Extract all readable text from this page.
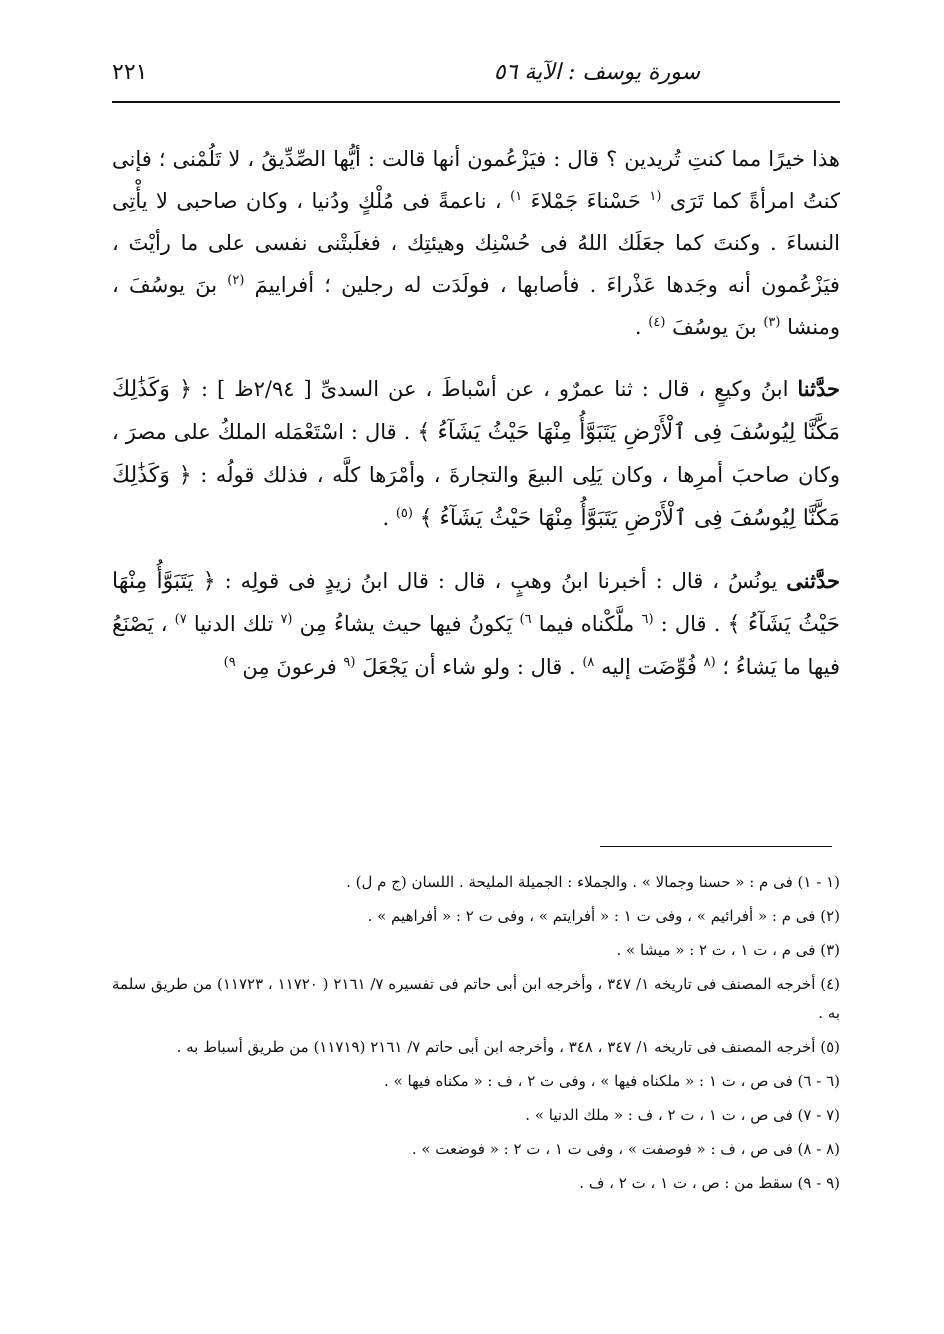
سورة يوسف : الآية ٥٦
٢٢١

هذا خيرًا مما كنتِ تُريدين ؟ قال : فيَزْعُمون أنها قالت : أيُّها الصِّدِّيقُ ، لا تَلُمْنى ؛ فإنى كنتُ امرأةً كما تَرَى $^{(١}$ حَسْناءَ جَمْلاءَ $^{١)}$ ، ناعمةً فى مُلْكٍ ودُنيا ، وكان صاحبى لا يأْتِى النساءَ . وكنتَ كما جعَلَك اللهُ فى حُسْنِك وهيئتِك ، فغلَبتْنى نفسى على ما رأيْتَ ، فيَزْعُمون أنه وجَدها عَذْراءَ . فأصابها ، فولَدَت له رجلين ؛ أفراييمَ $^{(٢)}$ بنَ يوسُفَ ، ومنشا $^{(٣)}$ بنَ يوسُفَ $^{(٤)}$ .

حدَّثنا ابنُ وكيعٍ ، قال : ثنا عمرٌو ، عن أسْباطَ ، عن السدىِّ [ ٢/٩٤ظ ] : ﴿ وَكَذَٰلِكَ مَكَّنَّا لِيُوسُفَ فِى ٱلْأَرْضِ يَتَبَوَّأُ مِنْهَا حَيْثُ يَشَآءُ ﴾ . قال : اسْتَعْمَله الملكُ على مصرَ ، وكان صاحبَ أمرِها ، وكان يَلِى البيعَ والتجارةَ ، وأمْرَها كلَّه ، فذلك قولُه : ﴿ وَكَذَٰلِكَ مَكَّنَّا لِيُوسُفَ فِى ٱلْأَرْضِ يَتَبَوَّأُ مِنْهَا حَيْثُ يَشَآءُ ﴾ $^{(٥)}$ .

حدَّثنى يونُسُ ، قال : أخبرنا ابنُ وهبٍ ، قال : قال ابنُ زيدٍ فى قولِه : ﴿ يَتَبَوَّأُ مِنْهَا حَيْثُ يَشَآءُ ﴾ . قال : $^{(٦}$ ملَّكْناه فيما $^{٦)}$ يَكونُ فيها حيث يشاءُ مِن $^{(٧}$ تلك الدنيا $^{٧)}$ ، يَصْنَعُ فيها ما يَشاءُ ؛ $^{(٨}$ فُوِّضَت إليه $^{٨)}$ . قال : ولو شاء أن يَجْعَلَ $^{(٩}$ فرعونَ مِن $^{٩)}$

(١ - ١) فى م : « حسنا وجمالا » . والجملاء : الجميلة المليحة . اللسان (ج م ل) .

(٢) فى م : « أفرائيم » ، وفى ت ١ : « أفرايتم » ، وفى ت ٢ : « أفراهيم » .

(٣) فى م ، ت ١ ، ت ٢ : « ميشا » .

(٤) أخرجه المصنف فى تاريخه ١/ ٣٤٧ ، وأخرجه ابن أبى حاتم فى تفسيره ٧/ ٢١٦١ ( ١١٧٢٠ ، ١١٧٢٣) من طريق سلمة به .

(٥) أخرجه المصنف فى تاريخه ١/ ٣٤٧ ، ٣٤٨ ، وأخرجه ابن أبى حاتم ٧/ ٢١٦١ (١١٧١٩) من طريق أسباط به .

(٦ - ٦) فى ص ، ت ١ : « ملكناه فيها » ، وفى ت ٢ ، ف : « مكناه فيها » .

(٧ - ٧) فى ص ، ت ١ ، ت ٢ ، ف : « ملك الدنيا » .

(٨ - ٨) فى ص ، ف : « فوصفت » ، وفى ت ١ ، ت ٢ : « فوضعت » .

(٩ - ٩) سقط من : ص ، ت ١ ، ت ٢ ، ف .
